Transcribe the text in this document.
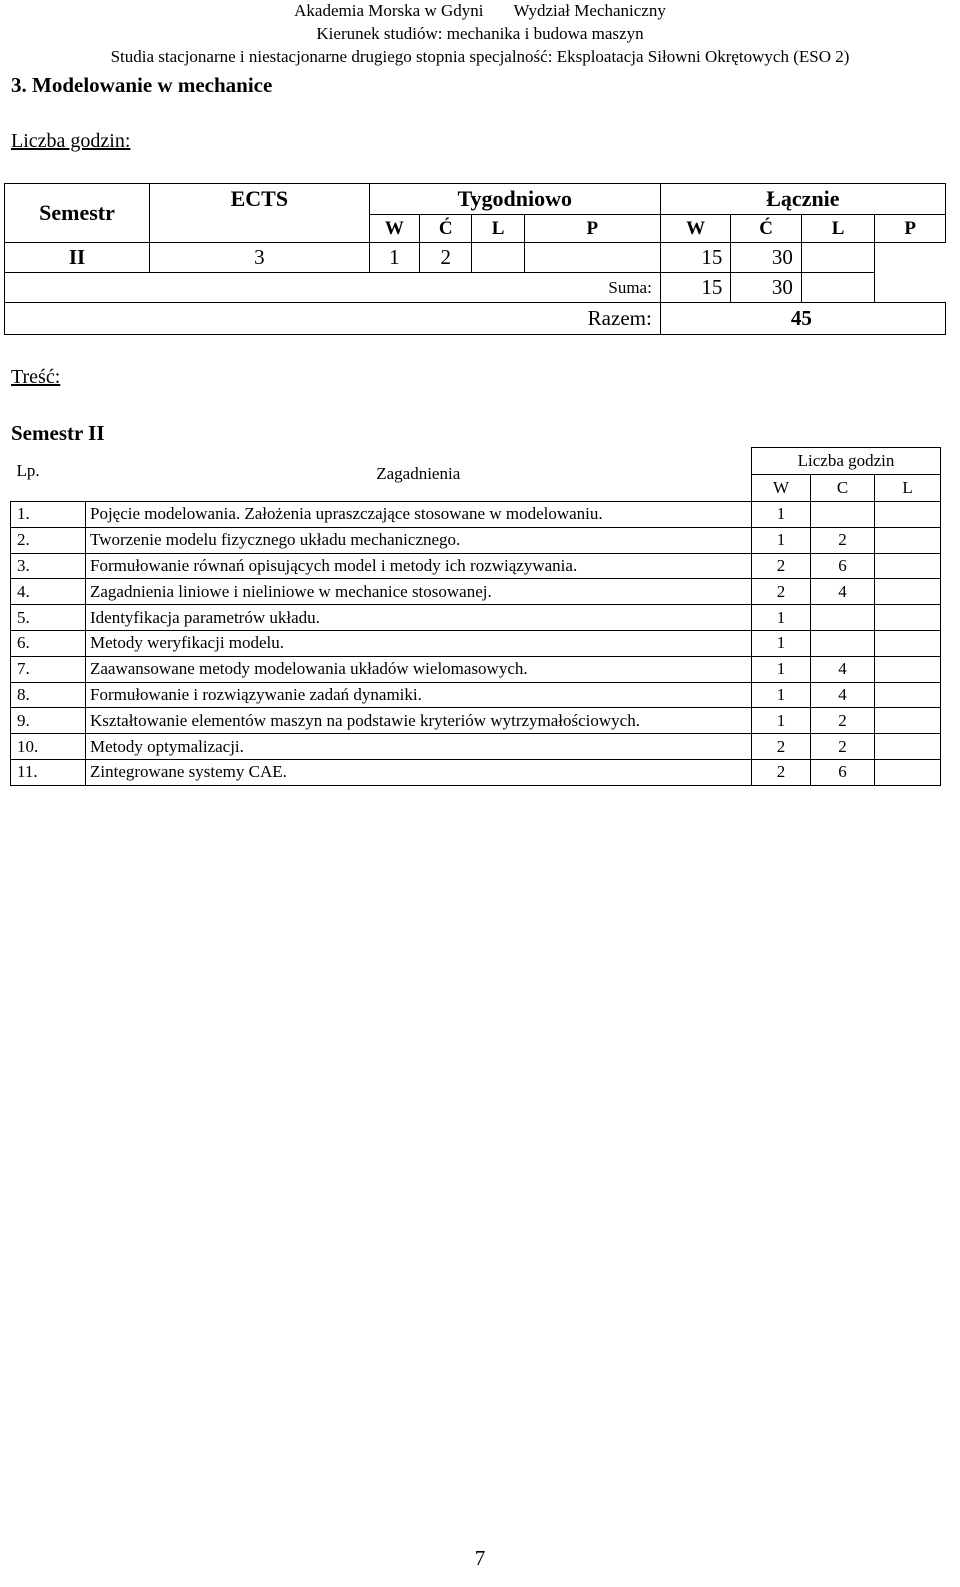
Akademia Morska w Gdyni Wydział Mechaniczny
Kierunek studiów: mechanika i budowa maszyn
Studia stacjonarne i niestacjonarne drugiego stopnia specjalność: Eksploatacja Siłowni Okrętowych (ESO 2)
3. Modelowanie w mechanice
Liczba godzin:
Semestr	ECTS	Tygodniowo				Łącznie			
		W	Ć	L	P	W	Ć	L	P
II	3	1	2			15	30		
Suma:						15	30		
Razem:						45			
Treść:
Semestr II
Lp.	Zagadnienia	Liczba godzin		
		W	C	L
1.	Pojęcie modelowania. Założenia upraszczające stosowane w modelowaniu.	1		
2.	Tworzenie modelu fizycznego układu mechanicznego.	1	2	
3.	Formułowanie równań opisujących model i metody ich rozwiązywania.	2	6	
4.	Zagadnienia liniowe i nieliniowe w mechanice stosowanej.	2	4	
5.	Identyfikacja parametrów układu.	1		
6.	Metody weryfikacji modelu.	1		
7.	Zaawansowane metody modelowania układów wielomasowych.	1	4	
8.	Formułowanie i rozwiązywanie zadań dynamiki.	1	4	
9.	Kształtowanie elementów maszyn na podstawie kryteriów wytrzymałościowych.	1	2	
10.	Metody optymalizacji.	2	2	
11.	Zintegrowane systemy CAE.	2	6	
7
